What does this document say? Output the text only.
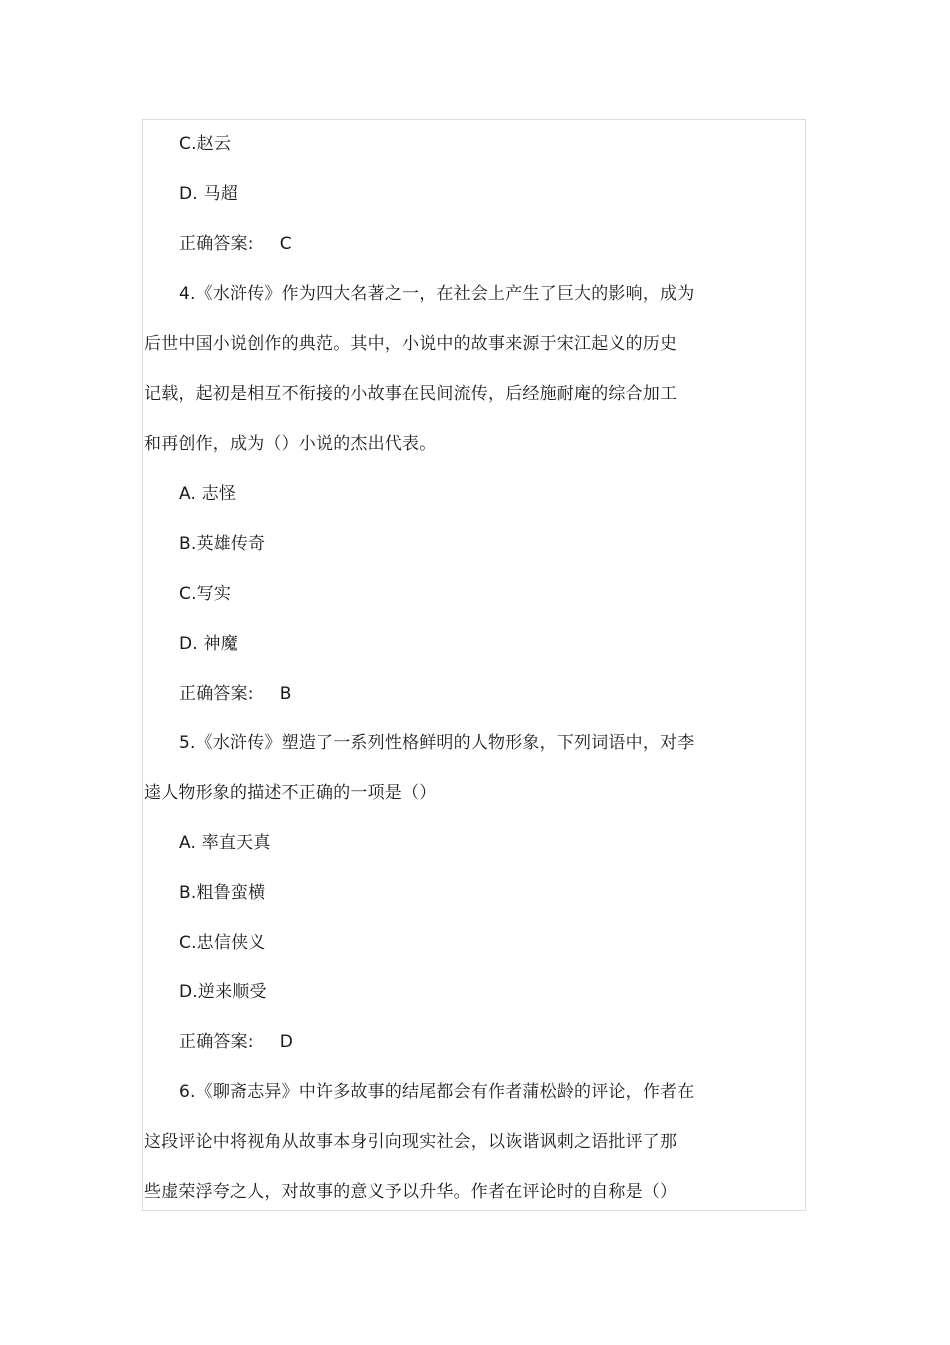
C.赵云
D. 马超
正确答案: C
4.《水浒传》作为四大名著之一，在社会上产生了巨大的影响，成为
后世中国小说创作的典范。其中，小说中的故事来源于宋江起义的历史
记载，起初是相互不衔接的小故事在民间流传，后经施耐庵的综合加工
和再创作，成为（）小说的杰出代表。
A. 志怪
B.英雄传奇
C.写实
D. 神魔
正确答案: B
5.《水浒传》塑造了一系列性格鲜明的人物形象，下列词语中，对李
逵人物形象的描述不正确的一项是（）
A. 率直天真
B.粗鲁蛮横
C.忠信侠义
D.逆来顺受
正确答案: D
6.《聊斋志异》中许多故事的结尾都会有作者蒲松龄的评论，作者在
这段评论中将视角从故事本身引向现实社会，以诙谐讽刺之语批评了那
些虚荣浮夸之人，对故事的意义予以升华。作者在评论时的自称是（）
